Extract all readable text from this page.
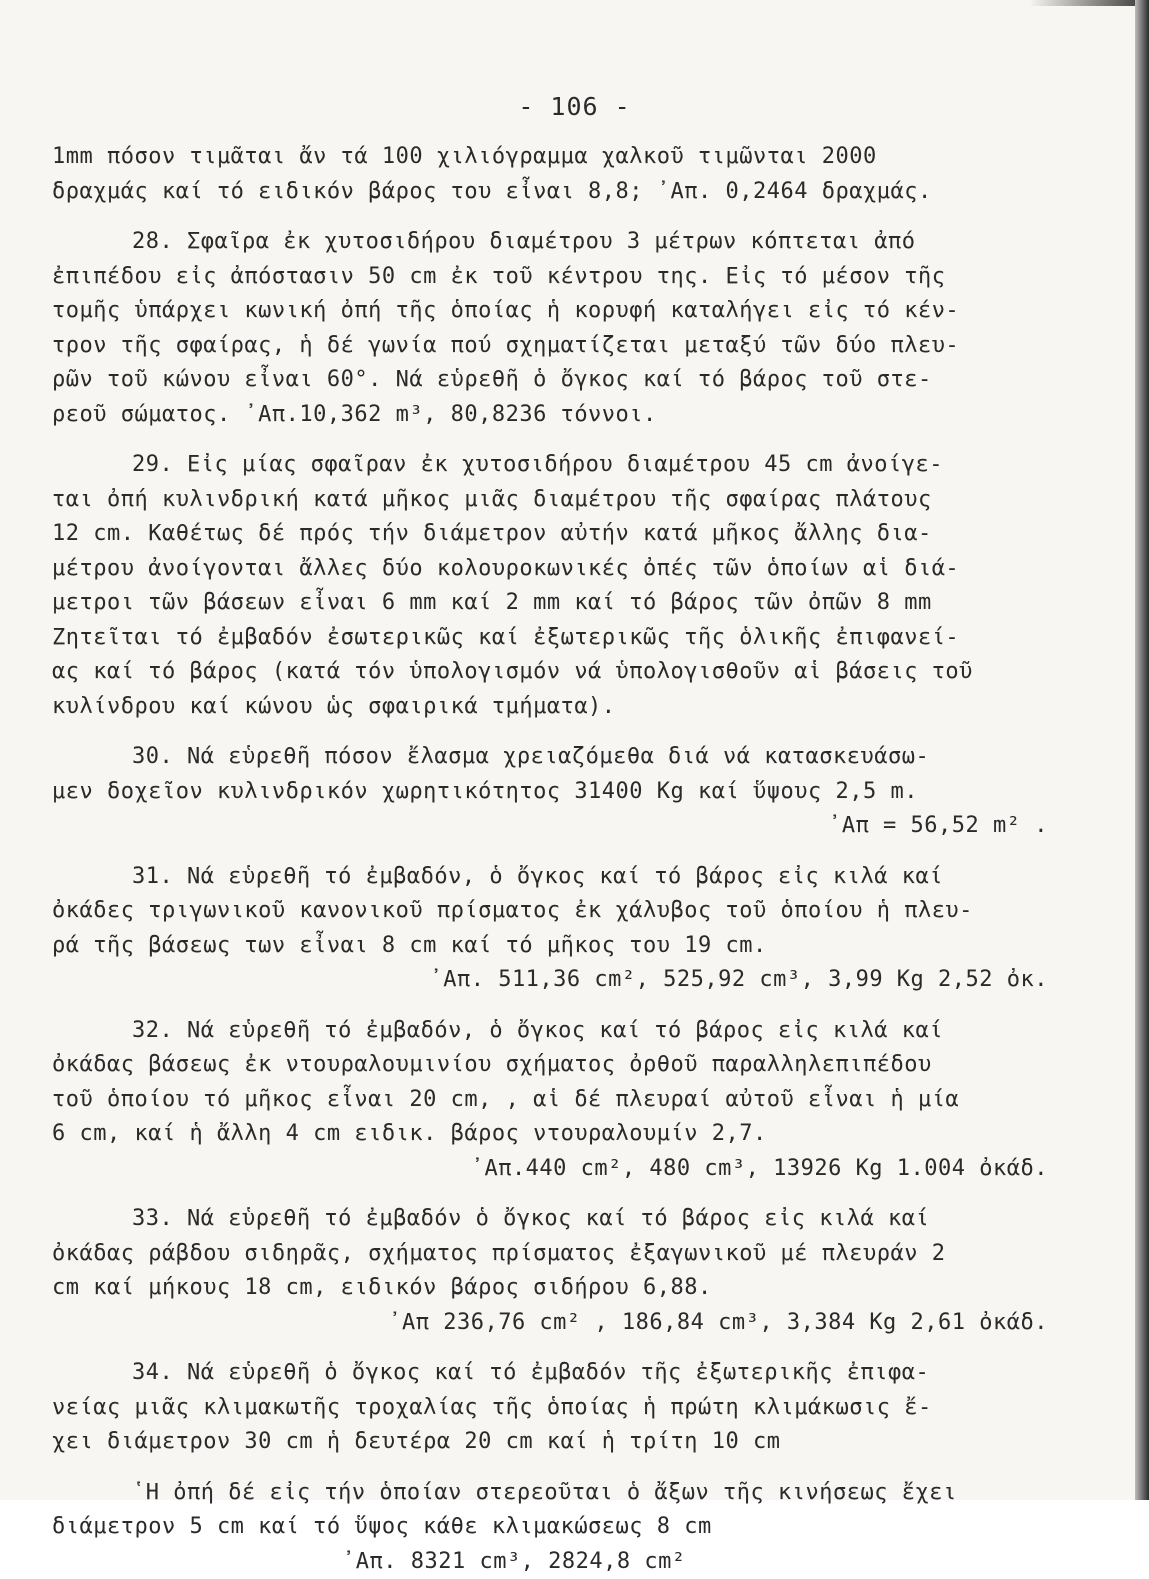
- 106 -
1mm πόσον τιμᾶται ἄν τά 100 χιλιόγραμμα χαλκοῦ τιμῶνται 2000
δραχμάς καί τό ειδικόν βάρος του εἶναι 8,8; ᾿Απ. 0,2464 δραχμάς.
28. Σφαῖρα ἐκ χυτοσιδήρου διαμέτρου 3 μέτρων κόπτεται ἀπό
ἐπιπέδου εἰς ἀπόστασιν 50 cm ἐκ τοῦ κέντρου της. Εἰς τό μέσον τῆς
τομῆς ὑπάρχει κωνική ὀπή τῆς ὁποίας ἡ κορυφή καταλήγει εἰς τό κέν-
τρον τῆς σφαίρας, ἡ δέ γωνία πού σχηματίζεται μεταξύ τῶν δύο πλευ-
ρῶν τοῦ κώνου εἶναι 60°. Νά εὑρεθῆ ὁ ὄγκος καί τό βάρος τοῦ στε-
ρεοῦ σώματος. ᾿Απ.10,362 m³, 80,8236 τόννοι.
29. Εἰς μίας σφαῖραν ἐκ χυτοσιδήρου διαμέτρου 45 cm ἀνοίγε-
ται ὀπή κυλινδρική κατά μῆκος μιᾶς διαμέτρου τῆς σφαίρας πλάτους
12 cm. Καθέτως δέ πρός τήν διάμετρον αὐτήν κατά μῆκος ἄλλης δια-
μέτρου ἀνοίγονται ἄλλες δύο κολουροκωνικές ὀπές τῶν ὁποίων αἱ διά-
μετροι τῶν βάσεων εἶναι 6 mm καί 2 mm καί τό βάρος τῶν ὀπῶν 8 mm
Ζητεῖται τό ἐμβαδόν ἐσωτερικῶς καί ἐξωτερικῶς τῆς ὁλικῆς ἐπιφανεί-
ας καί τό βάρος (κατά τόν ὑπολογισμόν νά ὑπολογισθοῦν αἱ βάσεις τοῦ
κυλίνδρου καί κώνου ὡς σφαιρικά τμήματα).
30. Νά εὑρεθῆ πόσον ἔλασμα χρειαζόμεθα διά νά κατασκευάσω-
μεν δοχεῖον κυλινδρικόν χωρητικότητος 31400 Kg καί ὕψους 2,5 m.
᾿Απ = 56,52 m² .
31. Νά εὑρεθῆ τό ἐμβαδόν, ὁ ὄγκος καί τό βάρος εἰς κιλά καί
ὀκάδες τριγωνικοῦ κανονικοῦ πρίσματος ἐκ χάλυβος τοῦ ὁποίου ἡ πλευ-
ρά τῆς βάσεως των εἶναι 8 cm καί τό μῆκος του 19 cm.
᾿Απ. 511,36 cm², 525,92 cm³, 3,99 Kg 2,52 ὀκ.
32. Νά εὑρεθῆ τό ἐμβαδόν, ὁ ὄγκος καί τό βάρος εἰς κιλά καί
ὀκάδας βάσεως ἐκ ντουραλουμινίου σχήματος ὀρθοῦ παραλληλεπιπέδου
τοῦ ὁποίου τό μῆκος εἶναι 20 cm, , αἱ δέ πλευραί αὐτοῦ εἶναι ἡ μία
6 cm, καί ἡ ἄλλη 4 cm ειδικ. βάρος ντουραλουμίν 2,7.
᾿Απ.440 cm², 480 cm³, 13926 Kg 1.004 ὀκάδ.
33. Νά εὑρεθῆ τό ἐμβαδόν ὁ ὄγκος καί τό βάρος εἰς κιλά καί
ὀκάδας ράβδου σιδηρᾶς, σχήματος πρίσματος ἐξαγωνικοῦ μέ πλευράν 2
cm καί μήκους 18 cm, ειδικόν βάρος σιδήρου 6,88.
᾿Απ 236,76 cm² , 186,84 cm³, 3,384 Kg 2,61 ὀκάδ.
34. Νά εὑρεθῆ ὁ ὄγκος καί τό ἐμβαδόν τῆς ἐξωτερικῆς ἐπιφα-
νείας μιᾶς κλιμακωτῆς τροχαλίας τῆς ὁποίας ἡ πρώτη κλιμάκωσις ἔ-
χει διάμετρον 30 cm ἡ δευτέρα 20 cm καί ἡ τρίτη 10 cm
῾Η ὀπή δέ εἰς τήν ὁποίαν στερεοῦται ὁ ἄξων τῆς κινήσεως ἔχει
διάμετρον 5 cm καί τό ὕψος κάθε κλιμακώσεως 8 cm
᾿Απ. 8321 cm³, 2824,8 cm²
